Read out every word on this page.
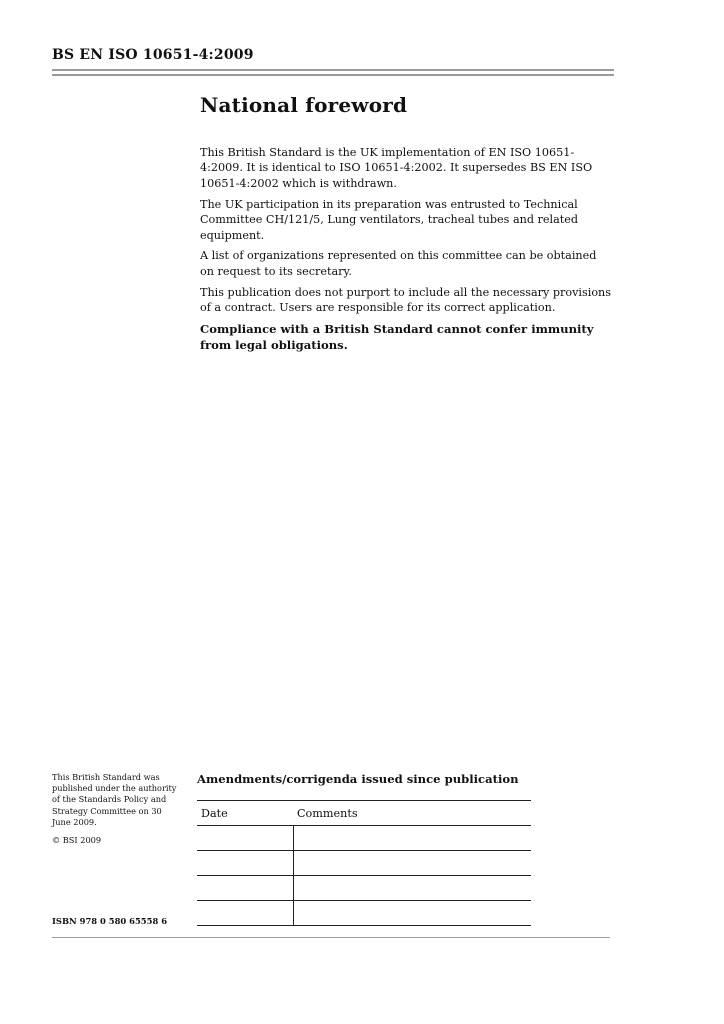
BS EN ISO 10651-4:2009
National foreword

This British Standard is the UK implementation of EN ISO 10651-4:2009. It is identical to ISO 10651-4:2002. It supersedes BS EN ISO 10651-4:2002 which is withdrawn.

The UK participation in its preparation was entrusted to Technical Committee CH/121/5, Lung ventilators, tracheal tubes and related equipment.

A list of organizations represented on this committee can be obtained on request to its secretary.

This publication does not purport to include all the necessary provisions of a contract. Users are responsible for its correct application.

Compliance with a British Standard cannot confer immunity from legal obligations.

This British Standard was published under the authority of the Standards Policy and Strategy Committee on 30 June 2009.
© BSI 2009
ISBN 978 0 580 65558 6
Amendments/corrigenda issued since publication
Date	Comments
